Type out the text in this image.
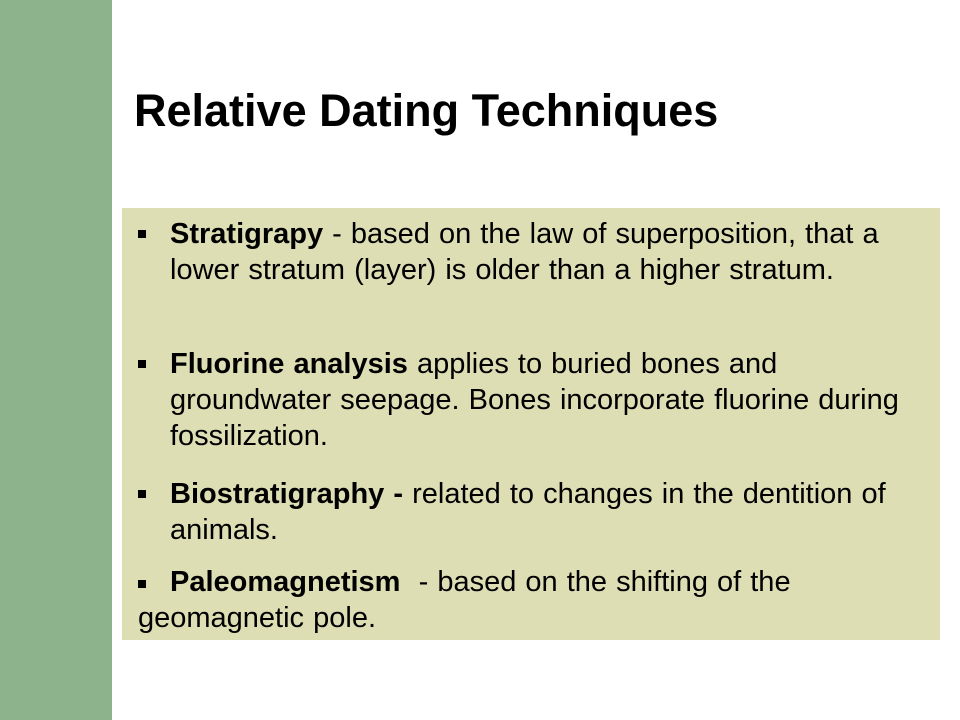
Relative Dating Techniques
Stratigrapy - based on the law of superposition, that a lower stratum (layer) is older than a higher stratum.
Fluorine analysis applies to buried bones and groundwater seepage. Bones incorporate fluorine during fossilization.
Biostratigraphy - related to changes in the dentition of animals.
Paleomagnetism  - based on the shifting of the geomagnetic pole.
